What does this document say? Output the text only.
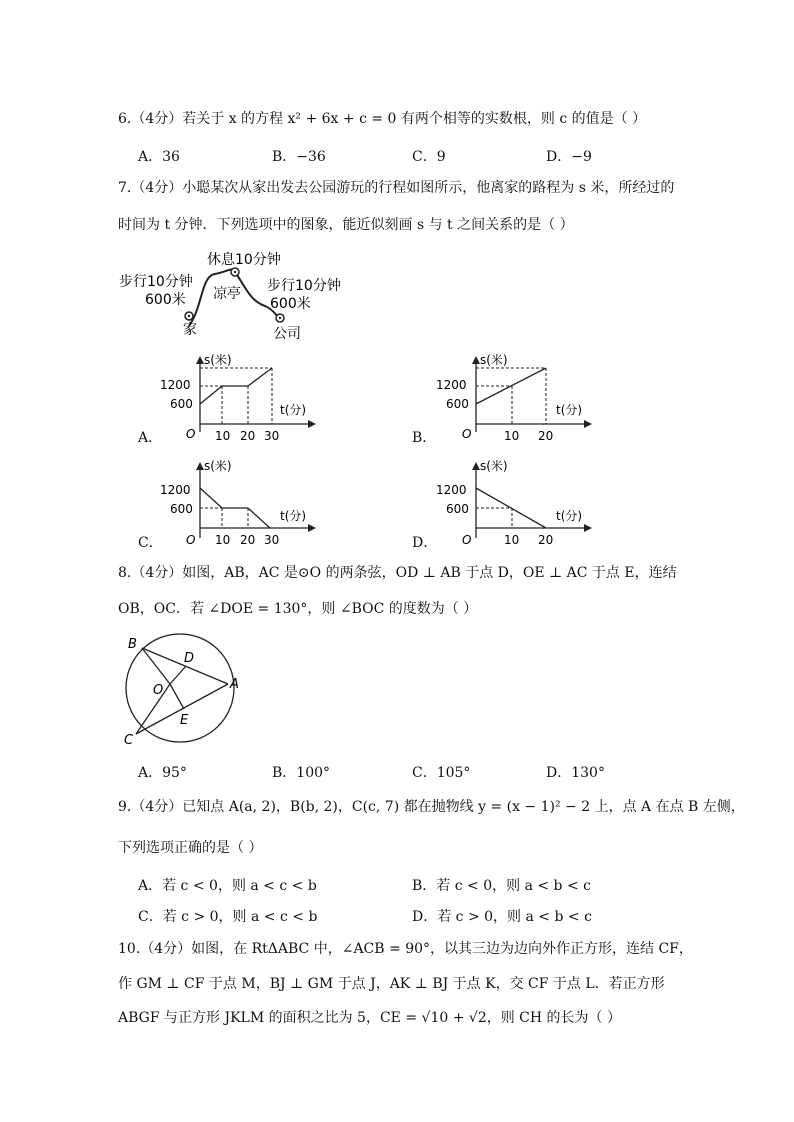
6.（4分）若关于 x 的方程 x² + 6x + c = 0 有两个相等的实数根，则 c 的值是（ ）
A．36	B．−36	C．9	D．−9
7.（4分）小聪某次从家出发去公园游玩的行程如图所示，他离家的路程为 s 米，所经过的
时间为 t 分钟．下列选项中的图象，能近似刻画 s 与 t 之间关系的是（ ）
休息10分钟
步行10分钟
600米 凉亭 步行10分钟
600米
家	公司
A．
s(米)
t(分)
1200
600
O 10 20 30	B．
s(米)
t(分)
1200
600
O	10 20
C．
s(米)
t(分)
1200
600
O 10 20 30	D．
s(米)
t(分)
1200
600
O	10 20
8.（4分）如图，AB，AC 是⊙O 的两条弦，OD ⊥ AB 于点 D，OE ⊥ AC 于点 E，连结
OB，OC．若 ∠DOE = 130°，则 ∠BOC 的度数为（ ）
B
D
A
O
E
C
A．95°	B．100°	C．105°	D．130°
9.（4分）已知点 A(a, 2)，B(b, 2)，C(c, 7) 都在抛物线 y = (x − 1)² − 2 上，点 A 在点 B 左侧，
下列选项正确的是（ ）
A．若 c < 0，则 a < c < b	B．若 c < 0，则 a < b < c
C．若 c > 0，则 a < c < b	D．若 c > 0，则 a < b < c
10.（4分）如图，在 RtΔABC 中，∠ACB = 90°，以其三边为边向外作正方形，连结 CF，
作 GM ⊥ CF 于点 M，BJ ⊥ GM 于点 J，AK ⊥ BJ 于点 K，交 CF 于点 L．若正方形
ABGF 与正方形 JKLM 的面积之比为 5，CE = √10 + √2，则 CH 的长为（ ）
